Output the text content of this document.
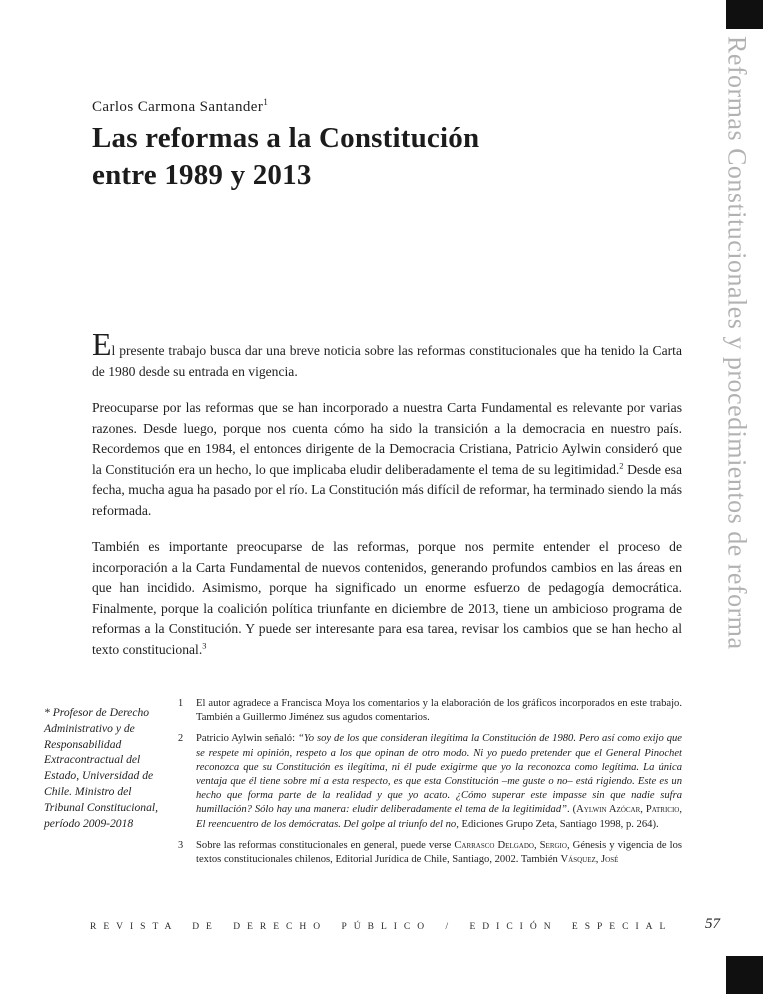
Reformas Constitucionales y procedimientos de reforma
Carlos Carmona Santander$^1$
Las reformas a la Constitución
entre 1989 y 2013

El presente trabajo busca dar una breve noticia sobre las reformas constitucionales que ha tenido la Carta de 1980 desde su entrada en vigencia.

Preocuparse por las reformas que se han incorporado a nuestra Carta Fundamental es relevante por varias razones. Desde luego, porque nos cuenta cómo ha sido la transición a la democracia en nuestro país. Recordemos que en 1984, el entonces dirigente de la Democracia Cristiana, Patricio Aylwin consideró que la Constitución era un hecho, lo que implicaba eludir deliberadamente el tema de su legitimidad.$^2$ Desde esa fecha, mucha agua ha pasado por el río. La Constitución más difícil de reformar, ha terminado siendo la más reformada.

También es importante preocuparse de las reformas, porque nos permite entender el proceso de incorporación a la Carta Fundamental de nuevos contenidos, generando profundos cambios en las áreas en que han incidido. Asimismo, porque ha significado un enorme esfuerzo de pedagogía democrática. Finalmente, porque la coalición política triunfante en diciembre de 2013, tiene un ambicioso programa de reformas a la Constitución. Y puede ser interesante para esa tarea, revisar los cambios que se han hecho al texto constitucional.$^3$

* Profesor de Derecho Administrativo y de Responsabilidad Extracontractual del Estado, Universidad de Chile. Ministro del Tribunal Constitucional, período 2009-2018
1	El autor agradece a Francisca Moya los comentarios y la elaboración de los gráficos incorporados en este trabajo. También a Guillermo Jiménez sus agudos comentarios.
2	Patricio Aylwin señaló: “Yo soy de los que consideran ilegítima la Constitución de 1980. Pero así como exijo que se respete mi opinión, respeto a los que opinan de otro modo. Ni yo puedo pretender que el General Pinochet reconozca que su Constitución es ilegítima, ni él pude exigirme que yo la reconozca como legítima. La única ventaja que él tiene sobre mí a esta respecto, es que esta Constitución –me guste o no– está rigiendo. Este es un hecho que forma parte de la realidad y que yo acato. ¿Cómo superar este impasse sin que nadie sufra humillación? Sólo hay una manera: eludir deliberadamente el tema de la legitimidad”. (Aylwin Azócar, Patricio, El reencuentro de los demócratas. Del golpe al triunfo del no, Ediciones Grupo Zeta, Santiago 1998, p. 264).
3	Sobre las reformas constitucionales en general, puede verse Carrasco Delgado, Sergio, Génesis y vigencia de los textos constitucionales chilenos, Editorial Jurídica de Chile, Santiago, 2002. También Vásquez, José
REVISTA DE DERECHO PÚBLICO / EDICIÓN ESPECIAL 57
